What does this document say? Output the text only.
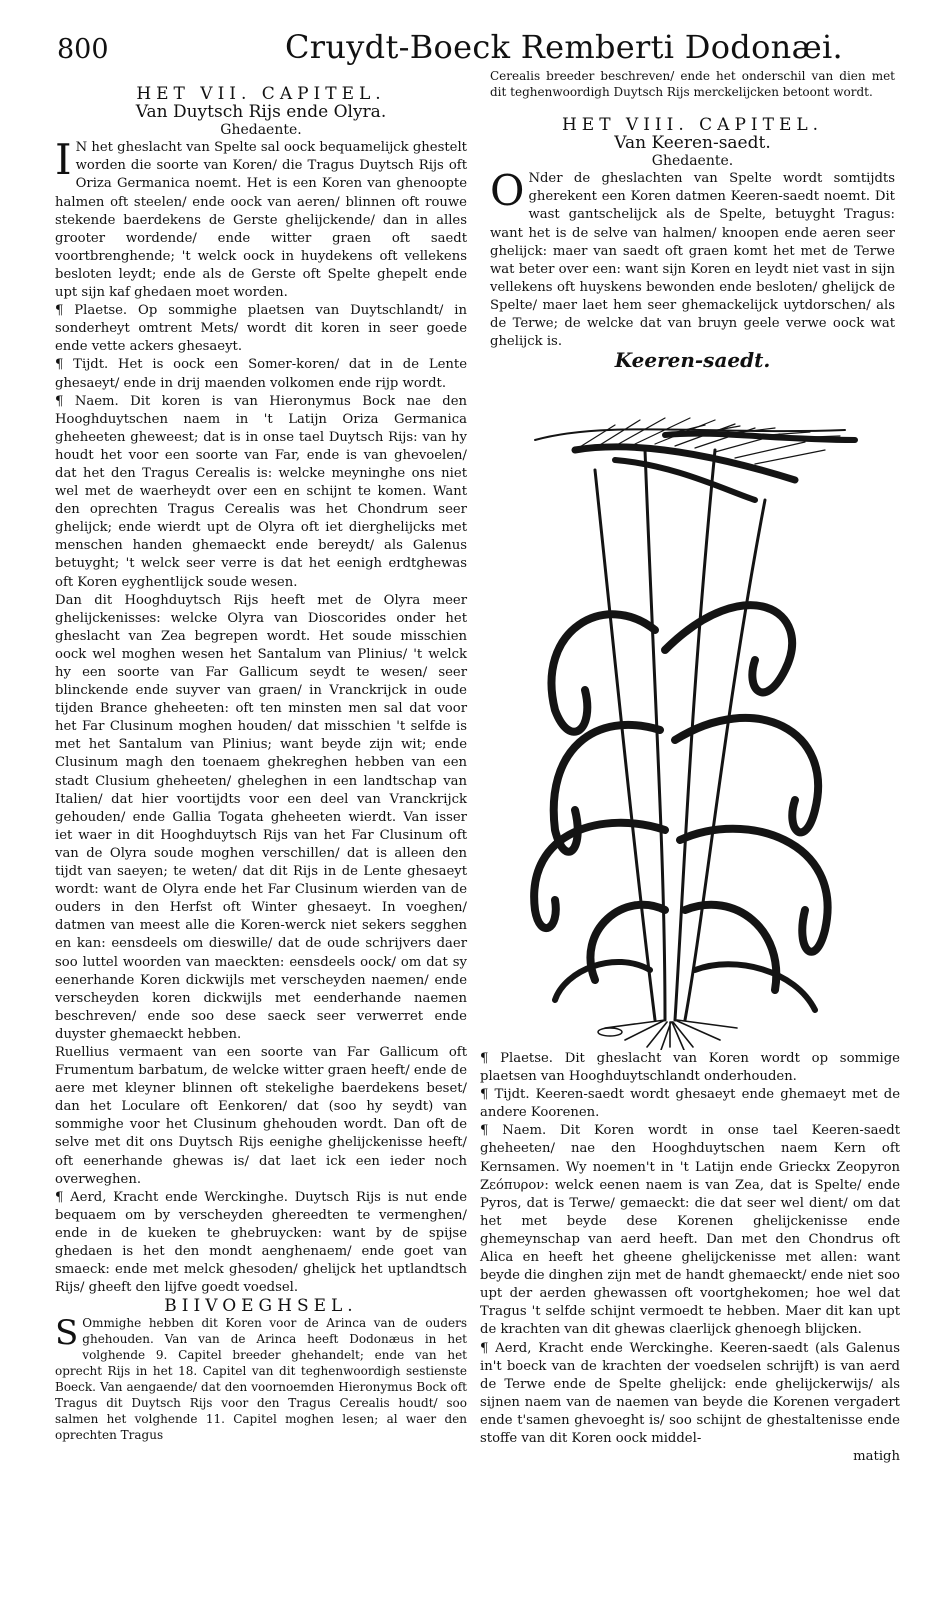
800	Cruydt-Boeck Remberti Dodonæi.

HET VII. CAPITEL.

Van Duytsch Rijs ende Olyra.

Ghedaente.

I N het gheslacht van Spelte sal oock bequamelijck ghestelt worden die soorte van Koren/ die Tragus Duytsch Rijs oft Oriza Germanica noemt. Het is een Koren van ghenoopte halmen oft steelen/ ende oock van aeren/ blinnen oft rouwe stekende baerdekens de Gerste ghelijckende/ dan in alles grooter wordende/ ende witter graen oft saedt voortbrenghende; 't welck oock in huydekens oft vellekens besloten leydt; ende als de Gerste oft Spelte ghepelt ende upt sijn kaf ghedaen moet worden.

¶ Plaetse. Op sommighe plaetsen van Duytschlandt/ in sonderheyt omtrent Mets/ wordt dit koren in seer goede ende vette ackers ghesaeyt.

¶ Tijdt. Het is oock een Somer-koren/ dat in de Lente ghesaeyt/ ende in drij maenden volkomen ende rijp wordt.

¶ Naem. Dit koren is van Hieronymus Bock nae den Hooghduytschen naem in 't Latijn Oriza Germanica gheheeten gheweest; dat is in onse tael Duytsch Rijs: van hy houdt het voor een soorte van Far, ende is van ghevoelen/ dat het den Tragus Cerealis is: welcke meyninghe ons niet wel met de waerheydt over een en schijnt te komen. Want den oprechten Tragus Cerealis was het Chondrum seer ghelijck; ende wierdt upt de Olyra oft iet dierghelijcks met menschen handen ghemaeckt ende bereydt/ als Galenus betuyght; 't welck seer verre is dat het eenigh erdtghewas oft Koren eyghentlijck soude wesen.

Dan dit Hooghduytsch Rijs heeft met de Olyra meer ghelijckenisses: welcke Olyra van Dioscorides onder het gheslacht van Zea begrepen wordt. Het soude misschien oock wel moghen wesen het Santalum van Plinius/ 't welck hy een soorte van Far Gallicum seydt te wesen/ seer blinckende ende suyver van graen/ in Vranckrijck in oude tijden Brance gheheeten: oft ten minsten men sal dat voor het Far Clusinum moghen houden/ dat misschien 't selfde is met het Santalum van Plinius; want beyde zijn wit; ende Clusinum magh den toenaem ghekreghen hebben van een stadt Clusium gheheeten/ gheleghen in een landtschap van Italien/ dat hier voortijdts voor een deel van Vranckrijck gehouden/ ende Gallia Togata gheheeten wierdt. Van isser iet waer in dit Hooghduytsch Rijs van het Far Clusinum oft van de Olyra soude moghen verschillen/ dat is alleen den tijdt van saeyen; te weten/ dat dit Rijs in de Lente ghesaeyt wordt: want de Olyra ende het Far Clusinum wierden van de ouders in den Herfst oft Winter ghesaeyt. In voeghen/ datmen van meest alle die Koren-werck niet sekers segghen en kan: eensdeels om dieswille/ dat de oude schrijvers daer soo luttel woorden van maeckten: eensdeels oock/ om dat sy eenerhande Koren dickwijls met verscheyden naemen/ ende verscheyden koren dickwijls met eenderhande naemen beschreven/ ende soo dese saeck seer verwerret ende duyster ghemaeckt hebben.

Ruellius vermaent van een soorte van Far Gallicum oft Frumentum barbatum, de welcke witter graen heeft/ ende de aere met kleyner blinnen oft stekelighe baerdekens beset/ dan het Loculare oft Eenkoren/ dat (soo hy seydt) van sommighe voor het Clusinum ghehouden wordt. Dan oft de selve met dit ons Duytsch Rijs eenighe ghelijckenisse heeft/ oft eenerhande ghewas is/ dat laet ick een ieder noch overweghen.

¶ Aerd, Kracht ende Werckinghe. Duytsch Rijs is nut ende bequaem om by verscheyden ghereedten te vermenghen/ ende in de kueken te ghebruycken: want by de spijse ghedaen is het den mondt aenghenaem/ ende goet van smaeck: ende met melck ghesoden/ ghelijck het uptlandtsch Rijs/ gheeft den lijfve goedt voedsel.

BIIVOEGHSEL.

S Ommighe hebben dit Koren voor de Arinca van de ouders ghehouden. Van van de Arinca heeft Dodonæus in het volghende 9. Capitel breeder ghehandelt; ende van het oprecht Rijs in het 18. Capitel van dit teghenwoordigh sestienste Boeck. Van aengaende/ dat den voornoemden Hieronymus Bock oft Tragus dit Duytsch Rijs voor den Tragus Cerealis houdt/ soo salmen het volghende 11. Capitel moghen lesen; al waer den oprechten Tragus

Cerealis breeder beschreven/ ende het onderschil van dien met dit teghenwoordigh Duytsch Rijs merckelijcken betoont wordt.

HET VIII. CAPITEL.

Van Keeren-saedt.

Ghedaente.

O Nder de gheslachten van Spelte wordt somtijdts gherekent een Koren datmen Keeren-saedt noemt. Dit wast gantschelijck als de Spelte, betuyght Tragus: want het is de selve van halmen/ knoopen ende aeren seer ghelijck: maer van saedt oft graen komt het met de Terwe wat beter over een: want sijn Koren en leydt niet vast in sijn vellekens oft huyskens bewonden ende besloten/ ghelijck de Spelte/ maer laet hem seer ghemackelijck uytdorschen/ als de Terwe; de welcke dat van bruyn geele verwe oock wat ghelijck is.

Keeren-saedt.

¶ Plaetse. Dit gheslacht van Koren wordt op sommige plaetsen van Hooghduytschlandt onderhouden.

¶ Tijdt. Keeren-saedt wordt ghesaeyt ende ghemaeyt met de andere Koorenen.

¶ Naem. Dit Koren wordt in onse tael Keeren-saedt gheheeten/ nae den Hooghduytschen naem Kern oft Kernsamen. Wy noemen't in 't Latijn ende Grieckx Zeopyron Ζεόπυρον: welck eenen naem is van Zea, dat is Spelte/ ende Pyros, dat is Terwe/ gemaeckt: die dat seer wel dient/ om dat het met beyde dese Korenen ghelijckenisse ende ghemeynschap van aerd heeft. Dan met den Chondrus oft Alica en heeft het gheene ghelijckenisse met allen: want beyde die dinghen zijn met de handt ghemaeckt/ ende niet soo upt der aerden ghewassen oft voortghekomen; hoe wel dat Tragus 't selfde schijnt vermoedt te hebben. Maer dit kan upt de krachten van dit ghewas claerlijck ghenoegh blijcken.

¶ Aerd, Kracht ende Werckinghe. Keeren-saedt (als Galenus in't boeck van de krachten der voedselen schrijft) is van aerd de Terwe ende de Spelte ghelijck: ende ghelijckerwijs/ als sijnen naem van de naemen van beyde die Korenen vergadert ende t'samen ghevoeght is/ soo schijnt de ghestaltenisse ende stoffe van dit Koren oock middel-

matigh
